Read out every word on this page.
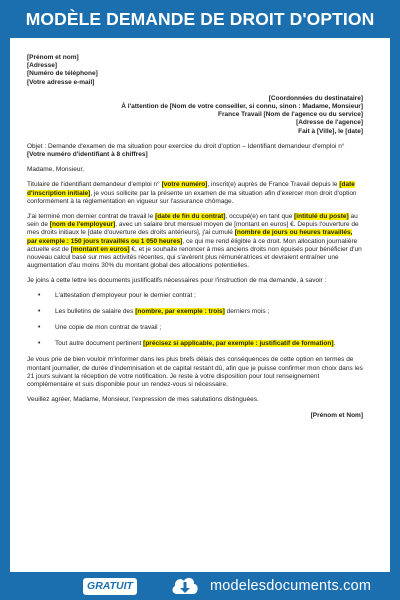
MODÈLE DEMANDE DE DROIT D'OPTION

[Prénom et nom]

[Adresse]

[Numéro de téléphone]

[Votre adresse e-mail]

[Coordonnées du destinataire]

À l'attention de [Nom de votre conseiller, si connu, sinon : Madame, Monsieur]

France Travail [Nom de l'agence ou du service]

[Adresse de l'agence]

Fait à [Ville], le [date]

Objet : Demande d'examen de ma situation pour exercice du droit d'option – Identifiant demandeur d'emploi n° [Votre numéro d'identifiant à 8 chiffres]

Madame, Monsieur,

Titulaire de l'identifiant demandeur d'emploi n° [votre numéro], inscrit(e) auprès de France Travail depuis le [date d'inscription initiale], je vous sollicite par la présente un examen de ma situation afin d'exercer mon droit d'option conformément à la réglementation en vigueur sur l'assurance chômage.

J'ai terminé mon dernier contrat de travail le [date de fin du contrat], occupé(e) en tant que [intitulé du poste] au sein de [nom de l'employeur], avec un salaire brut mensuel moyen de [montant en euros] €. Depuis l'ouverture de mes droits initiaux le [date d'ouverture des droits antérieurs], j'ai cumulé [nombre de jours ou heures travaillés, par exemple : 150 jours travaillés ou 1 050 heures], ce qui me rend éligible à ce droit. Mon allocation journalière actuelle est de [montant en euros] €, et je souhaite renoncer à mes anciens droits non épuisés pour bénéficier d'un nouveau calcul basé sur mes activités récentes, qui s'avèrent plus rémunératrices et devraient entraîner une augmentation d'au moins 30% du montant global des allocations potentielles.

Je joins à cette lettre les documents justificatifs nécessaires pour l'instruction de ma demande, à savoir :

• L'attestation d'employeur pour le dernier contrat ;
• Les bulletins de salaire des [nombre, par exemple : trois] derniers mois ;
• Une copie de mon contrat de travail ;
• Tout autre document pertinent [précisez si applicable, par exemple : justificatif de formation].

Je vous prie de bien vouloir m'informer dans les plus brefs délais des conséquences de cette option en termes de montant journalier, de durée d'indemnisation et de capital restant dû, afin que je puisse confirmer mon choix dans les 21 jours suivant la réception de votre notification. Je reste à votre disposition pour tout renseignement complémentaire et suis disponible pour un rendez-vous si nécessaire.

Veuillez agréer, Madame, Monsieur, l'expression de mes salutations distinguées.

[Prénom et Nom]

GRATUIT	modelesdocuments.com
